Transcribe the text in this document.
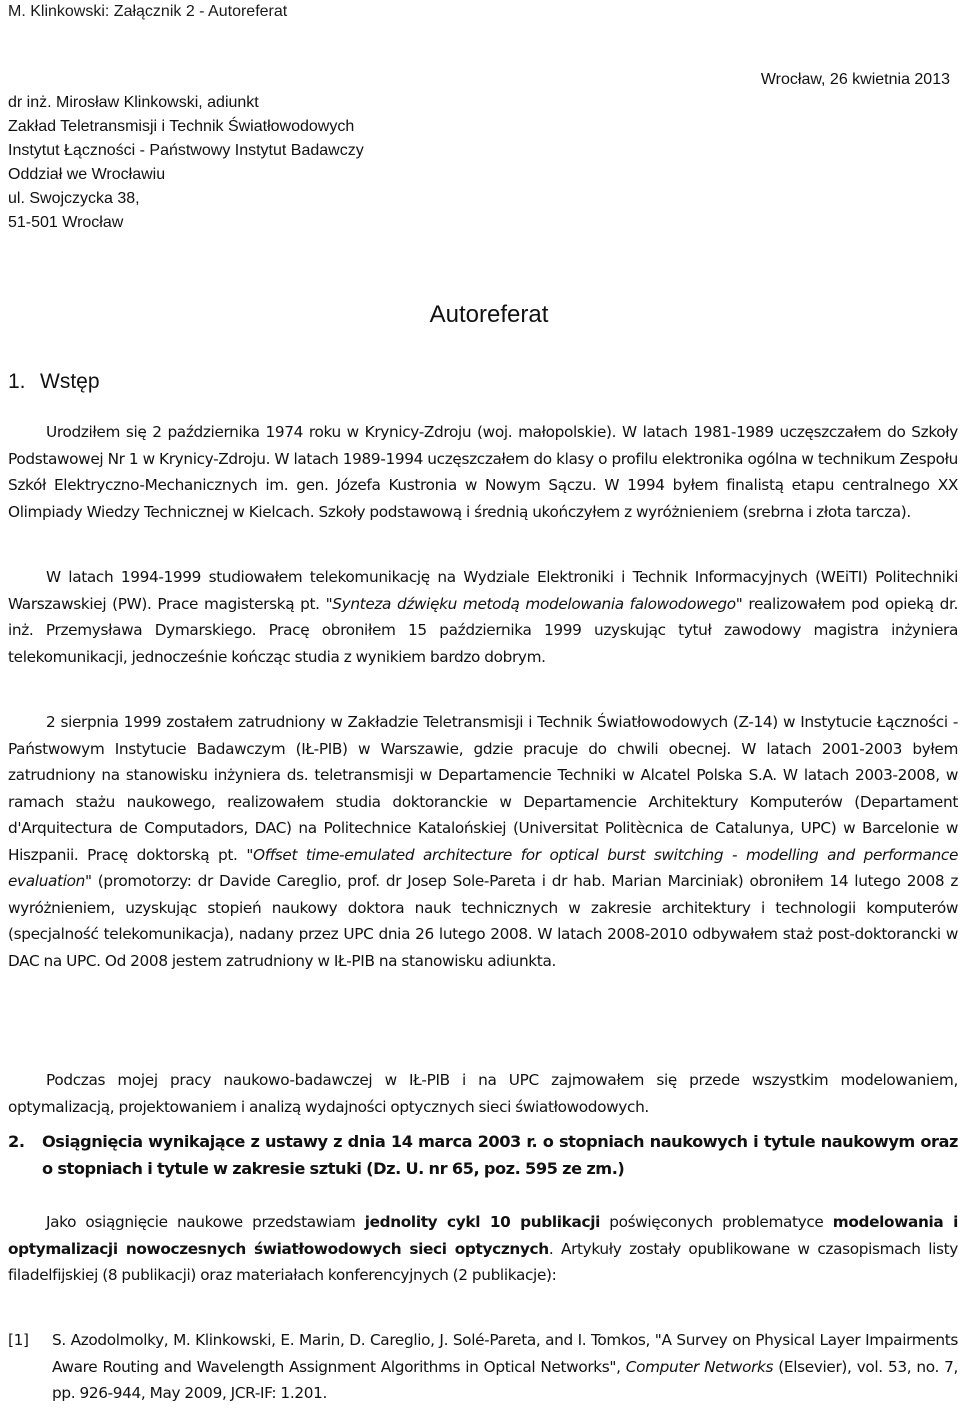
M. Klinkowski: Załącznik 2 - Autoreferat
Wrocław, 26 kwietnia 2013
dr inż. Mirosław Klinkowski, adiunkt
Zakład Teletransmisji i Technik Światłowodowych
Instytut Łączności - Państwowy Instytut Badawczy
Oddział we Wrocławiu
ul. Swojczycka 38,
51-501 Wrocław
Autoreferat
1. Wstęp

Urodziłem się 2 października 1974 roku w Krynicy-Zdroju (woj. małopolskie). W latach 1981-1989 uczęszczałem do Szkoły Podstawowej Nr 1 w Krynicy-Zdroju. W latach 1989-1994 uczęszczałem do klasy o profilu elektronika ogólna w technikum Zespołu Szkół Elektryczno-Mechanicznych im. gen. Józefa Kustronia w Nowym Sączu. W 1994 byłem finalistą etapu centralnego XX Olimpiady Wiedzy Technicznej w Kielcach. Szkoły podstawową i średnią ukończyłem z wyróżnieniem (srebrna i złota tarcza).

W latach 1994-1999 studiowałem telekomunikację na Wydziale Elektroniki i Technik Informacyjnych (WEiTI) Politechniki Warszawskiej (PW). Prace magisterską pt. "Synteza dźwięku metodą modelowania falowodowego" realizowałem pod opieką dr. inż. Przemysława Dymarskiego. Pracę obroniłem 15 października 1999 uzyskując tytuł zawodowy magistra inżyniera telekomunikacji, jednocześnie kończąc studia z wynikiem bardzo dobrym.

2 sierpnia 1999 zostałem zatrudniony w Zakładzie Teletransmisji i Technik Światłowodowych (Z-14) w Instytucie Łączności - Państwowym Instytucie Badawczym (IŁ-PIB) w Warszawie, gdzie pracuje do chwili obecnej. W latach 2001-2003 byłem zatrudniony na stanowisku inżyniera ds. teletransmisji w Departamencie Techniki w Alcatel Polska S.A. W latach 2003-2008, w ramach stażu naukowego, realizowałem studia doktoranckie w Departamencie Architektury Komputerów (Departament d'Arquitectura de Computadors, DAC) na Politechnice Katalońskiej (Universitat Politècnica de Catalunya, UPC) w Barcelonie w Hiszpanii. Pracę doktorską pt. "Offset time-emulated architecture for optical burst switching - modelling and performance evaluation" (promotorzy: dr Davide Careglio, prof. dr Josep Sole-Pareta i dr hab. Marian Marciniak) obroniłem 14 lutego 2008 z wyróżnieniem, uzyskując stopień naukowy doktora nauk technicznych w zakresie architektury i technologii komputerów (specjalność telekomunikacja), nadany przez UPC dnia 26 lutego 2008. W latach 2008-2010 odbywałem staż post-doktorancki w DAC na UPC. Od 2008 jestem zatrudniony w IŁ-PIB na stanowisku adiunkta.

Podczas mojej pracy naukowo-badawczej w IŁ-PIB i na UPC zajmowałem się przede wszystkim modelowaniem, optymalizacją, projektowaniem i analizą wydajności optycznych sieci światłowodowych.

2. Osiągnięcia wynikające z ustawy z dnia 14 marca 2003 r. o stopniach naukowych i tytule naukowym oraz o stopniach i tytule w zakresie sztuki (Dz. U. nr 65, poz. 595 ze zm.)

Jako osiągnięcie naukowe przedstawiam jednolity cykl 10 publikacji poświęconych problematyce modelowania i optymalizacji nowoczesnych światłowodowych sieci optycznych. Artykuły zostały opublikowane w czasopismach listy filadelfijskiej (8 publikacji) oraz materiałach konferencyjnych (2 publikacje):

[1] S. Azodolmolky, M. Klinkowski, E. Marin, D. Careglio, J. Solé-Pareta, and I. Tomkos, "A Survey on Physical Layer Impairments Aware Routing and Wavelength Assignment Algorithms in Optical Networks", Computer Networks (Elsevier), vol. 53, no. 7, pp. 926-944, May 2009, JCR-IF: 1.201.
